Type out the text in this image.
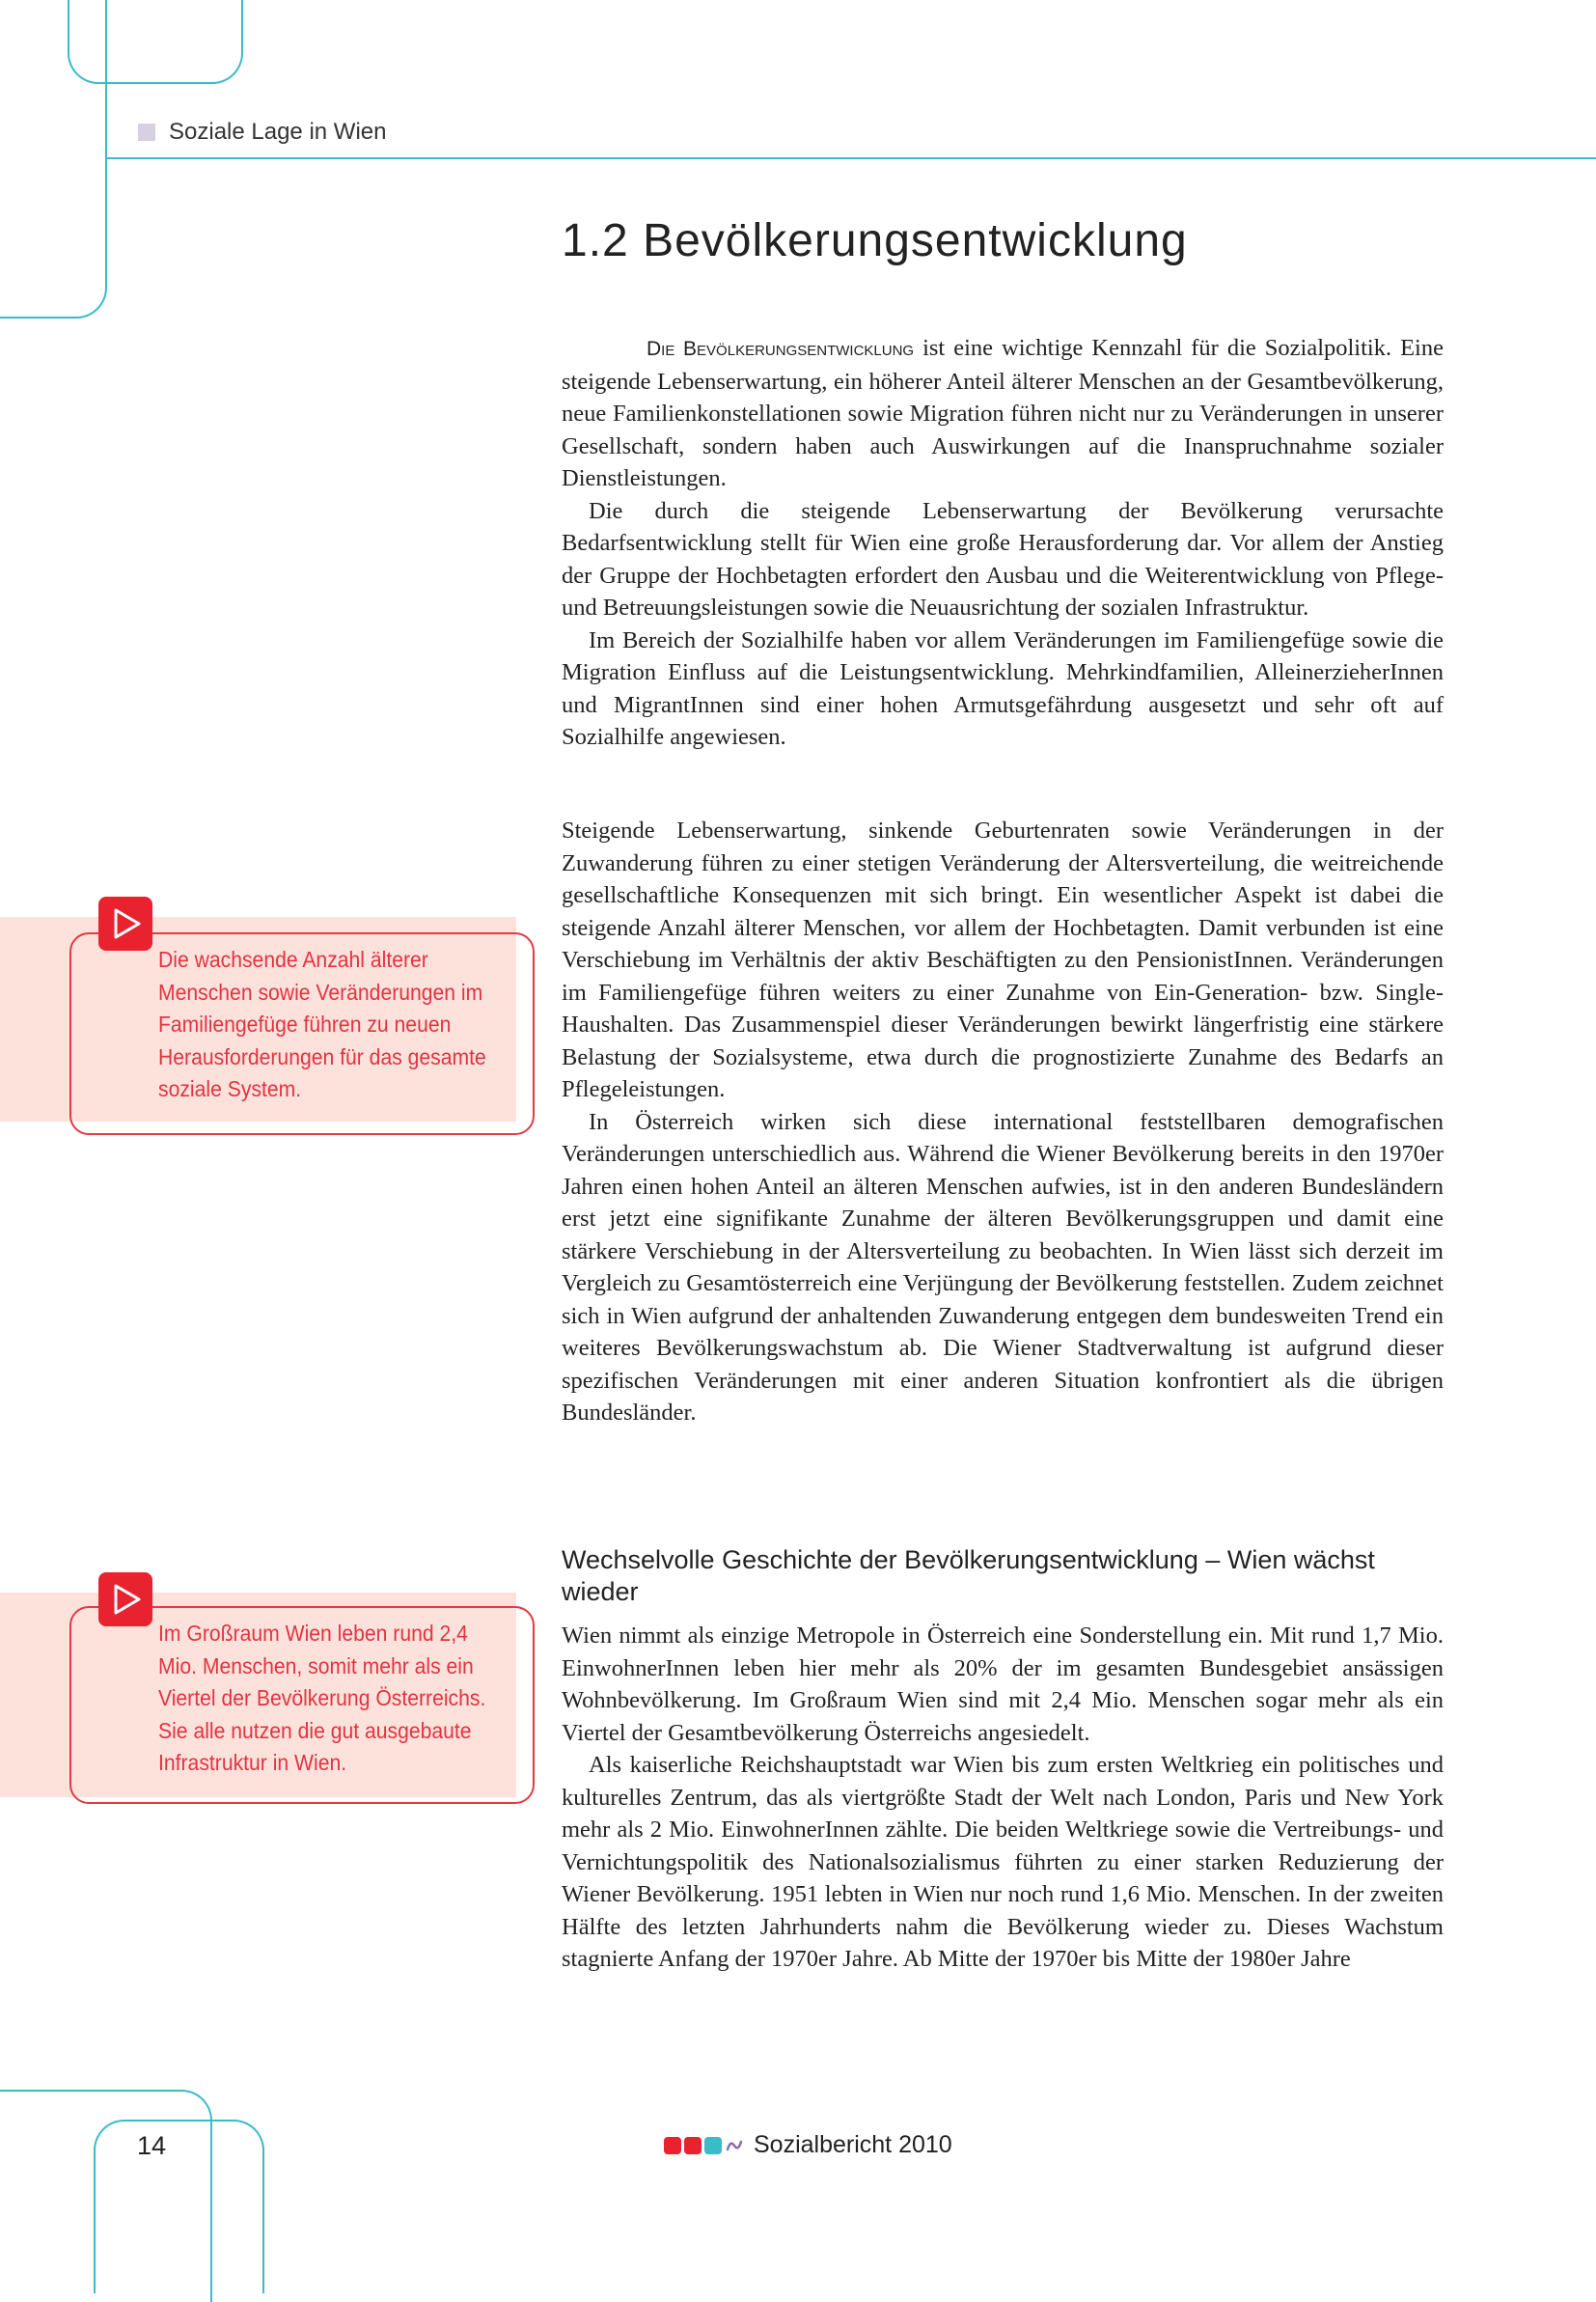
Soziale Lage in Wien
1.2 Bevölkerungsentwicklung

Die Bevölkerungsentwicklung ist eine wichtige Kennzahl für die Sozialpolitik. Eine steigende Lebenserwartung, ein höherer Anteil älterer Menschen an der Gesamtbevölkerung, neue Familienkonstellationen sowie Migration führen nicht nur zu Veränderungen in unserer Gesellschaft, sondern haben auch Auswirkungen auf die Inanspruchnahme sozialer Dienstleistungen.

Die durch die steigende Lebenserwartung der Bevölkerung verursachte Bedarfsentwicklung stellt für Wien eine große Herausforderung dar. Vor allem der Anstieg der Gruppe der Hochbetagten erfordert den Ausbau und die Weiterentwicklung von Pflege- und Betreuungsleistungen sowie die Neuausrichtung der sozialen Infrastruktur.

Im Bereich der Sozialhilfe haben vor allem Veränderungen im Familiengefüge sowie die Migration Einfluss auf die Leistungsentwicklung. Mehrkindfamilien, AlleinerzieherInnen und MigrantInnen sind einer hohen Armutsgefährdung ausgesetzt und sehr oft auf Sozialhilfe angewiesen.

Steigende Lebenserwartung, sinkende Geburtenraten sowie Veränderungen in der Zuwanderung führen zu einer stetigen Veränderung der Altersverteilung, die weitreichende gesellschaftliche Konsequenzen mit sich bringt. Ein wesentlicher Aspekt ist dabei die steigende Anzahl älterer Menschen, vor allem der Hochbetagten. Damit verbunden ist eine Verschiebung im Verhältnis der aktiv Beschäftigten zu den PensionistInnen. Veränderungen im Familiengefüge führen weiters zu einer Zunahme von Ein-Generation- bzw. Single-Haushalten. Das Zusammenspiel dieser Veränderungen bewirkt längerfristig eine stärkere Belastung der Sozialsysteme, etwa durch die prognostizierte Zunahme des Bedarfs an Pflegeleistungen.

In Österreich wirken sich diese international feststellbaren demografischen Veränderungen unterschiedlich aus. Während die Wiener Bevölkerung bereits in den 1970er Jahren einen hohen Anteil an älteren Menschen aufwies, ist in den anderen Bundesländern erst jetzt eine signifikante Zunahme der älteren Bevölkerungsgruppen und damit eine stärkere Verschiebung in der Altersverteilung zu beobachten. In Wien lässt sich derzeit im Vergleich zu Gesamtösterreich eine Verjüngung der Bevölkerung feststellen. Zudem zeichnet sich in Wien aufgrund der anhaltenden Zuwanderung entgegen dem bundesweiten Trend ein weiteres Bevölkerungswachstum ab. Die Wiener Stadtverwaltung ist aufgrund dieser spezifischen Veränderungen mit einer anderen Situation konfrontiert als die übrigen Bundesländer.

Wechselvolle Geschichte der Bevölkerungsentwicklung – Wien wächst wieder

Wien nimmt als einzige Metropole in Österreich eine Sonderstellung ein. Mit rund 1,7 Mio. EinwohnerInnen leben hier mehr als 20% der im gesamten Bundesgebiet ansässigen Wohnbevölkerung. Im Großraum Wien sind mit 2,4 Mio. Menschen sogar mehr als ein Viertel der Gesamtbevölkerung Österreichs angesiedelt.

Als kaiserliche Reichshauptstadt war Wien bis zum ersten Weltkrieg ein politisches und kulturelles Zentrum, das als viertgrößte Stadt der Welt nach London, Paris und New York mehr als 2 Mio. EinwohnerInnen zählte. Die beiden Weltkriege sowie die Vertreibungs- und Vernichtungspolitik des Nationalsozialismus führten zu einer starken Reduzierung der Wiener Bevölkerung. 1951 lebten in Wien nur noch rund 1,6 Mio. Menschen. In der zweiten Hälfte des letzten Jahrhunderts nahm die Bevölkerung wieder zu. Dieses Wachstum stagnierte Anfang der 1970er Jahre. Ab Mitte der 1970er bis Mitte der 1980er Jahre

Die wachsende Anzahl älterer Menschen sowie Veränderungen im Familiengefüge führen zu neuen Herausforderungen für das gesamte soziale System.
Im Großraum Wien leben rund 2,4 Mio. Menschen, somit mehr als ein Viertel der Bevölkerung Österreichs. Sie alle nutzen die gut ausgebaute Infrastruktur in Wien.
14	Sozialbericht 2010
